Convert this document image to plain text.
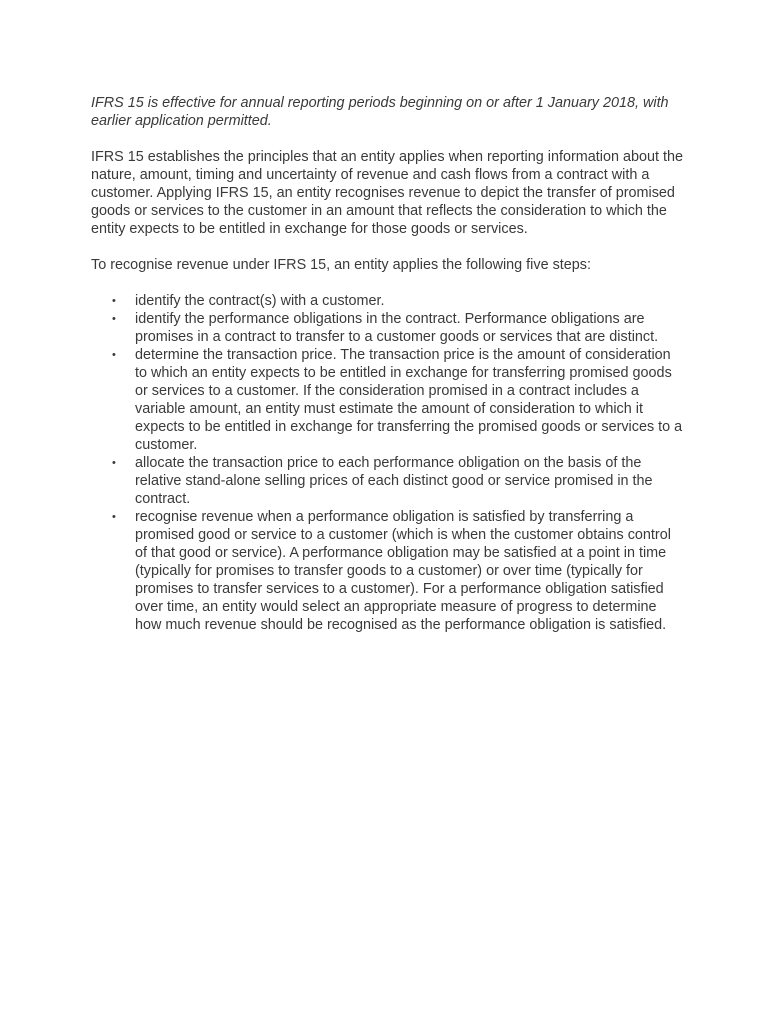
IFRS 15 is effective for annual reporting periods beginning on or after 1 January 2018, with earlier application permitted.

IFRS 15 establishes the principles that an entity applies when reporting information about the nature, amount, timing and uncertainty of revenue and cash flows from a contract with a customer. Applying IFRS 15, an entity recognises revenue to depict the transfer of promised goods or services to the customer in an amount that reflects the consideration to which the entity expects to be entitled in exchange for those goods or services.

To recognise revenue under IFRS 15, an entity applies the following five steps:

• identify the contract(s) with a customer.
• identify the performance obligations in the contract. Performance obligations are promises in a contract to transfer to a customer goods or services that are distinct.
• determine the transaction price. The transaction price is the amount of consideration to which an entity expects to be entitled in exchange for transferring promised goods or services to a customer. If the consideration promised in a contract includes a variable amount, an entity must estimate the amount of consideration to which it expects to be entitled in exchange for transferring the promised goods or services to a customer.
• allocate the transaction price to each performance obligation on the basis of the relative stand-alone selling prices of each distinct good or service promised in the contract.
• recognise revenue when a performance obligation is satisfied by transferring a promised good or service to a customer (which is when the customer obtains control of that good or service). A performance obligation may be satisfied at a point in time (typically for promises to transfer goods to a customer) or over time (typically for promises to transfer services to a customer). For a performance obligation satisfied over time, an entity would select an appropriate measure of progress to determine how much revenue should be recognised as the performance obligation is satisfied.
